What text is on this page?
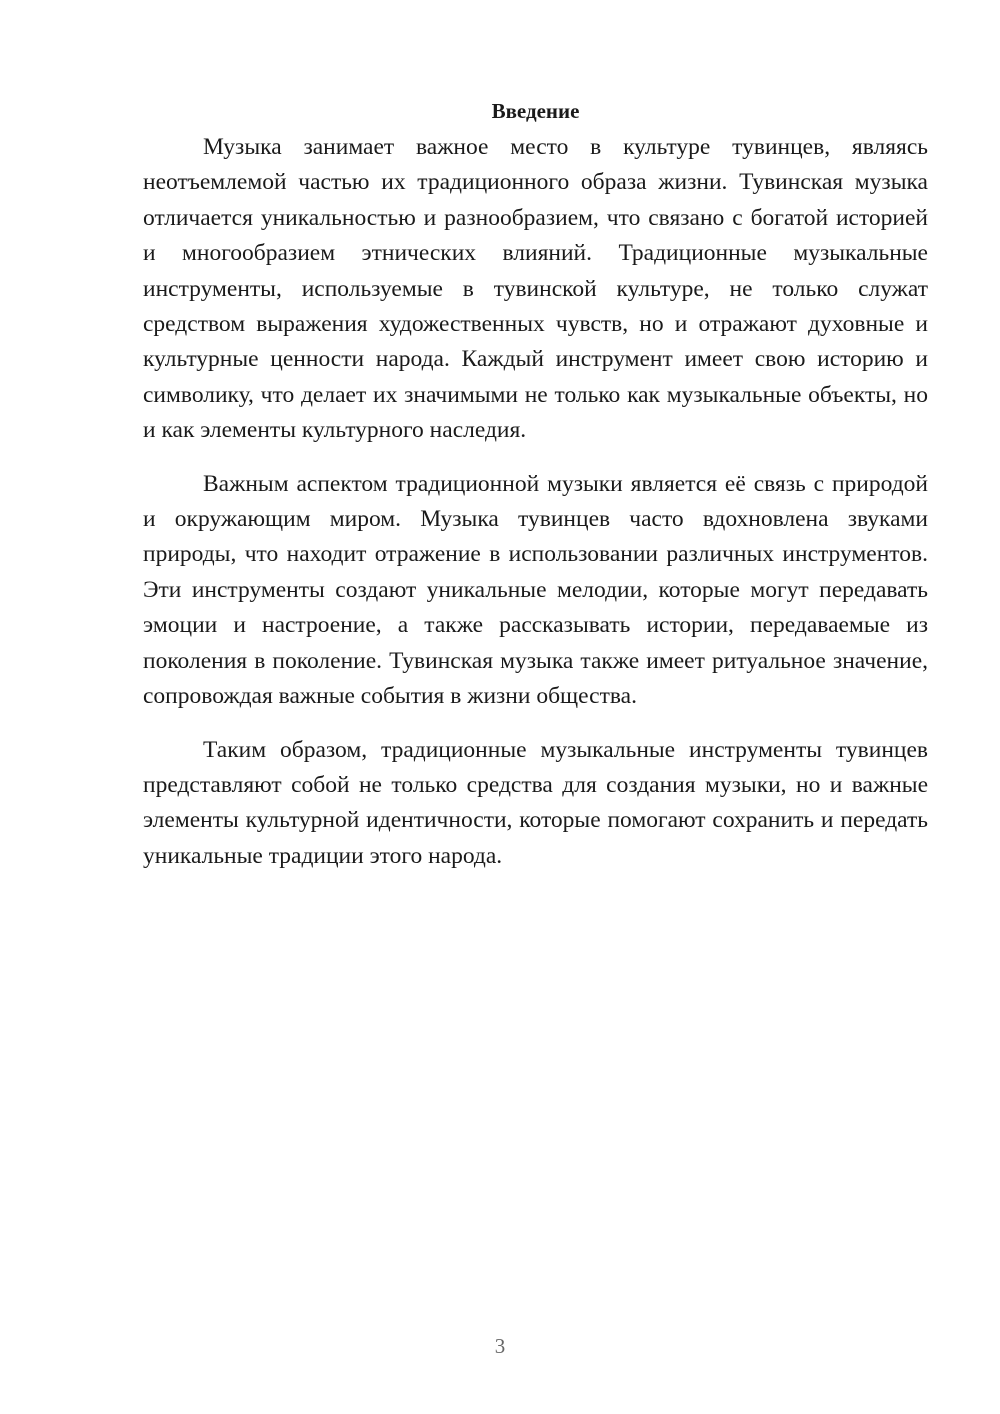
Введение

Музыка занимает важное место в культуре тувинцев, являясь неотъемлемой частью их традиционного образа жизни. Тувинская музыка отличается уникальностью и разнообразием, что связано с богатой историей и многообразием этнических влияний. Традиционные музыкальные инструменты, используемые в тувинской культуре, не только служат средством выражения художественных чувств, но и отражают духовные и культурные ценности народа. Каждый инструмент имеет свою историю и символику, что делает их значимыми не только как музыкальные объекты, но и как элементы культурного наследия.

Важным аспектом традиционной музыки является её связь с природой и окружающим миром. Музыка тувинцев часто вдохновлена звуками природы, что находит отражение в использовании различных инструментов. Эти инструменты создают уникальные мелодии, которые могут передавать эмоции и настроение, а также рассказывать истории, передаваемые из поколения в поколение. Тувинская музыка также имеет ритуальное значение, сопровождая важные события в жизни общества.

Таким образом, традиционные музыкальные инструменты тувинцев представляют собой не только средства для создания музыки, но и важные элементы культурной идентичности, которые помогают сохранить и передать уникальные традиции этого народа.

3
